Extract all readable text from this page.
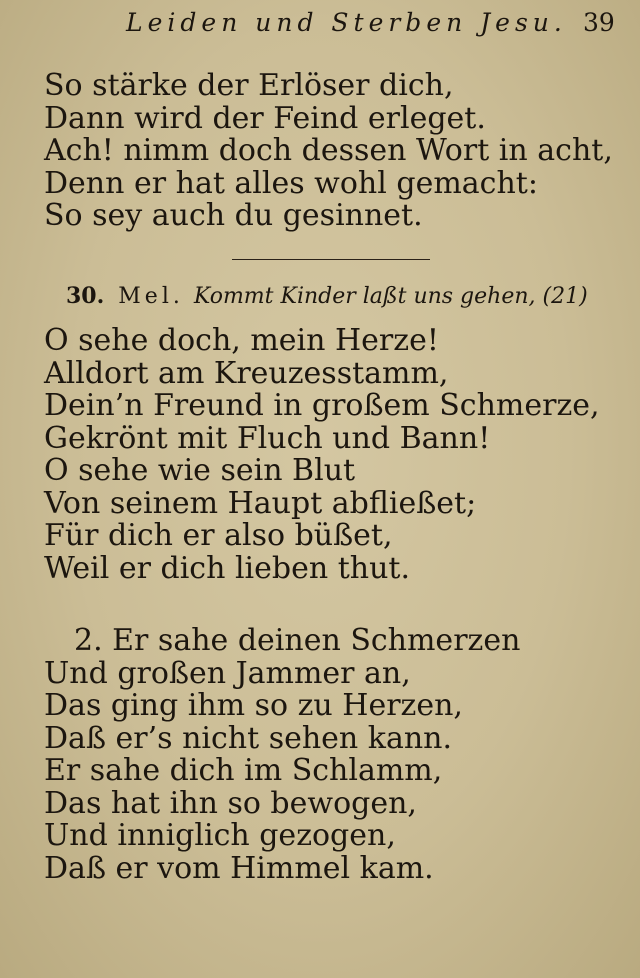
Leiden und Sterben Jesu. 39
So stärke der Erlöser dich,
Dann wird der Feind erleget.
Ach! nimm doch dessen Wort in acht,
Denn er hat alles wohl gemacht:
So sey auch du gesinnet.
30. Mel. Kommt Kinder laßt uns gehen, (21)
O sehe doch, mein Herze!
Alldort am Kreuzesstamm,
Dein’n Freund in großem Schmerze,
Gekrönt mit Fluch und Bann!
O sehe wie sein Blut
Von seinem Haupt abfließet;
Für dich er also büßet,
Weil er dich lieben thut.
2. Er sahe deinen Schmerzen
Und großen Jammer an,
Das ging ihm so zu Herzen,
Daß er’s nicht sehen kann.
Er sahe dich im Schlamm,
Das hat ihn so bewogen,
Und inniglich gezogen,
Daß er vom Himmel kam.
